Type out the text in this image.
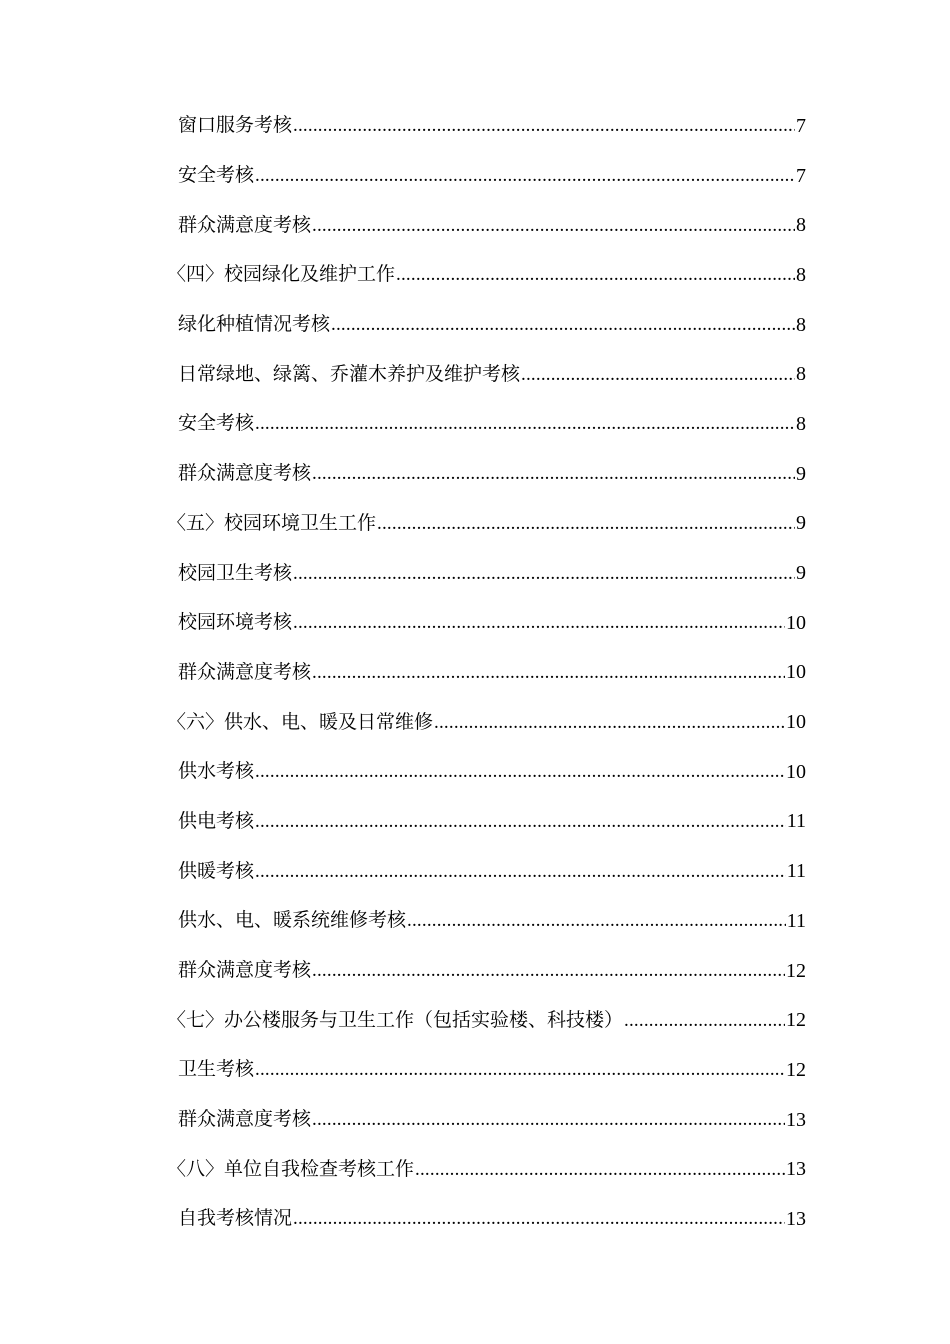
窗口服务考核 .....	7
安全考核 .....	7
群众满意度考核 .....	8
〈四〉校园绿化及维护工作 .....	8
绿化种植情况考核 .....	8
日常绿地、绿篱、乔灌木养护及维护考核 .....	8
安全考核 .....	8
群众满意度考核 .....	9
〈五〉校园环境卫生工作 .....	9
校园卫生考核 .....	9
校园环境考核 .....	10
群众满意度考核 .....	10
〈六〉供水、电、暖及日常维修 .....	10
供水考核 .....	10
供电考核 .....	11
供暖考核 .....	11
供水、电、暖系统维修考核 .....	11
群众满意度考核 .....	12
〈七〉办公楼服务与卫生工作（包括实验楼、科技楼） .....	12
卫生考核 .....	12
群众满意度考核 .....	13
〈八〉单位自我检查考核工作 .....	13
自我考核情况 .....	13
